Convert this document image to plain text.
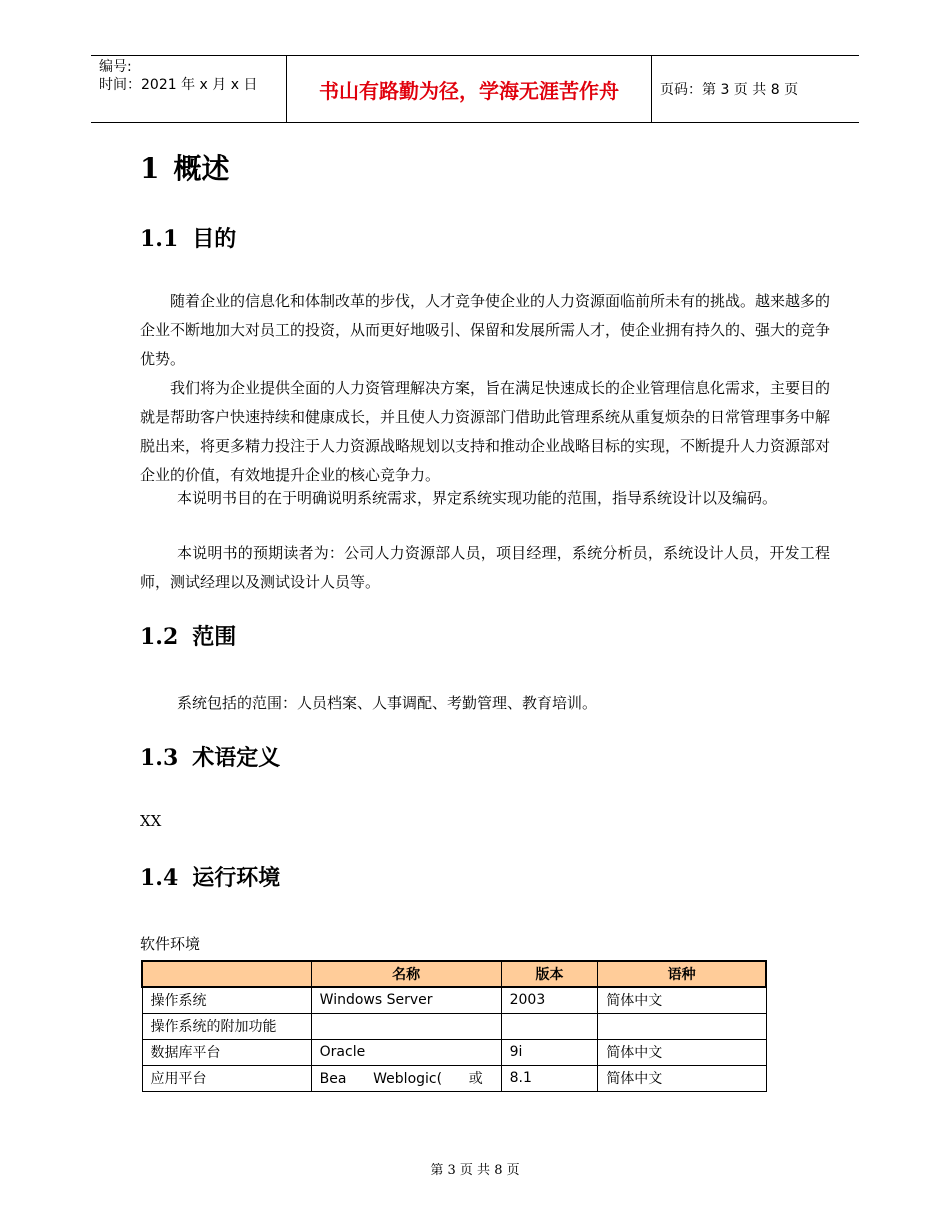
编号:
时间：2021 年 x 月 x 日	书山有路勤为径，学海无涯苦作舟	页码：第 3 页 共 8 页
1 概述
1.1 目的

随着企业的信息化和体制改革的步伐，人才竞争使企业的人力资源面临前所未有的挑战。越来越多的企业不断地加大对员工的投资，从而更好地吸引、保留和发展所需人才，使企业拥有持久的、强大的竞争优势。

我们将为企业提供全面的人力资管理解决方案，旨在满足快速成长的企业管理信息化需求，主要目的就是帮助客户快速持续和健康成长，并且使人力资源部门借助此管理系统从重复烦杂的日常管理事务中解脱出来，将更多精力投注于人力资源战略规划以支持和推动企业战略目标的实现，不断提升人力资源部对企业的价值，有效地提升企业的核心竞争力。

本说明书目的在于明确说明系统需求，界定系统实现功能的范围，指导系统设计以及编码。

本说明书的预期读者为：公司人力资源部人员，项目经理，系统分析员，系统设计人员，开发工程师，测试经理以及测试设计人员等。

1.2 范围

系统包括的范围：人员档案、人事调配、考勤管理、教育培训。

1.3 术语定义

XX

1.4 运行环境

软件环境

	名称	版本	语种
操作系统	Windows Server	2003	简体中文
操作系统的附加功能			
数据库平台	Oracle	9i	简体中文
应用平台	Bea      Weblogic(      或	8.1	简体中文
第 3 页 共 8 页
